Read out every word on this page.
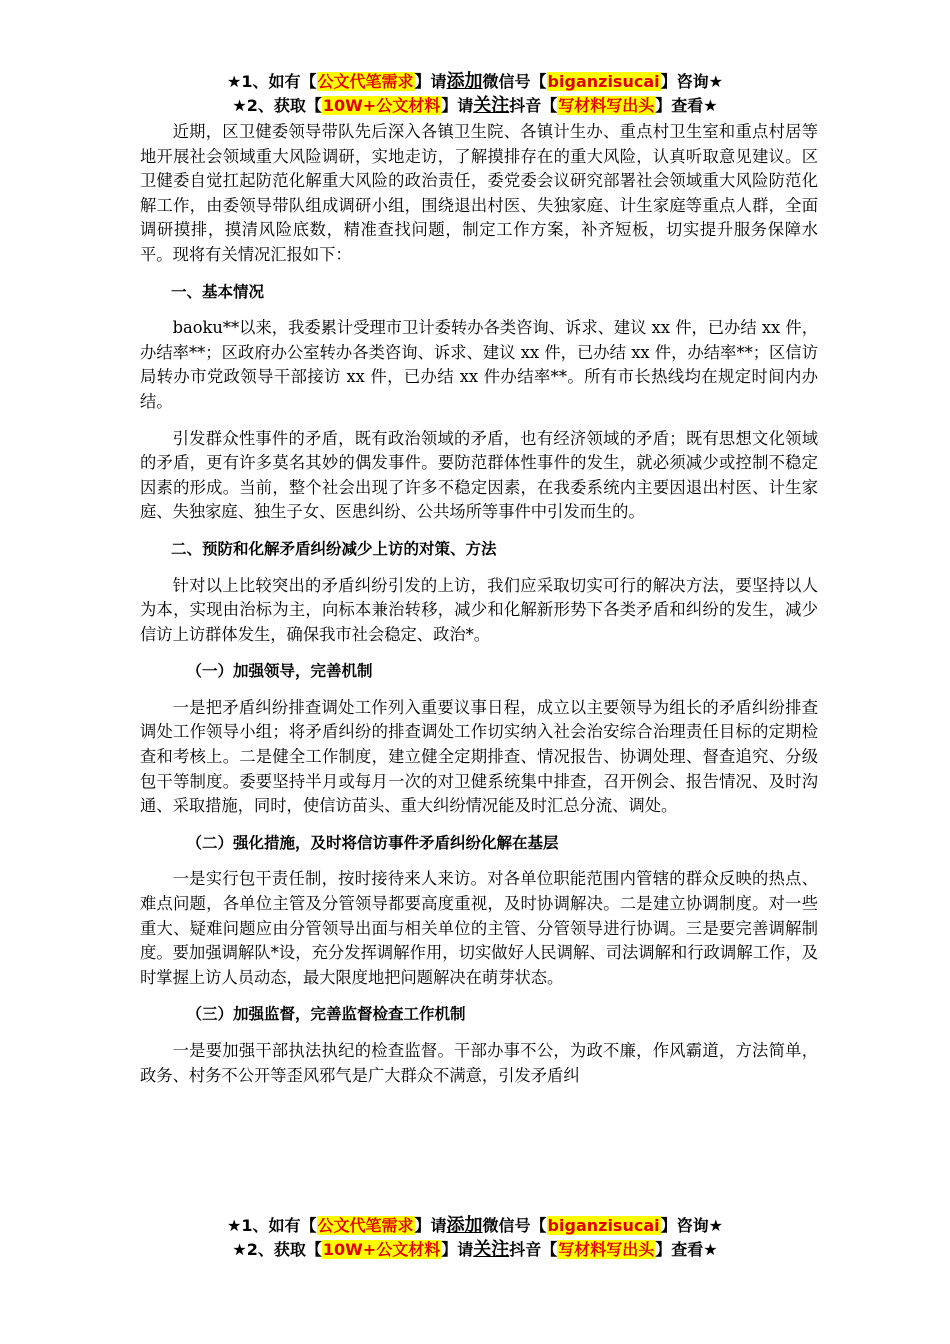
★1、如有【公文代笔需求】请添加微信号【biganzisucai】咨询★
★2、获取【10W+公文材料】请关注抖音【写材料写出头】查看★

近期，区卫健委领导带队先后深入各镇卫生院、各镇计生办、重点村卫生室和重点村居等地开展社会领域重大风险调研，实地走访，了解摸排存在的重大风险，认真听取意见建议。区卫健委自觉扛起防范化解重大风险的政治责任，委党委会议研究部署社会领域重大风险防范化解工作，由委领导带队组成调研小组，围绕退出村医、失独家庭、计生家庭等重点人群，全面调研摸排，摸清风险底数，精准查找问题，制定工作方案，补齐短板，切实提升服务保障水平。现将有关情况汇报如下：

一、基本情况

baoku**以来，我委累计受理市卫计委转办各类咨询、诉求、建议 xx 件，已办结 xx 件，办结率**；区政府办公室转办各类咨询、诉求、建议 xx 件，已办结 xx 件，办结率**；区信访局转办市党政领导干部接访 xx 件，已办结 xx 件办结率**。所有市长热线均在规定时间内办结。

引发群众性事件的矛盾，既有政治领域的矛盾，也有经济领域的矛盾；既有思想文化领域的矛盾，更有许多莫名其妙的偶发事件。要防范群体性事件的发生，就必须减少或控制不稳定因素的形成。当前，整个社会出现了许多不稳定因素，在我委系统内主要因退出村医、计生家庭、失独家庭、独生子女、医患纠纷、公共场所等事件中引发而生的。

二、预防和化解矛盾纠纷减少上访的对策、方法

针对以上比较突出的矛盾纠纷引发的上访，我们应采取切实可行的解决方法，要坚持以人为本，实现由治标为主，向标本兼治转移，减少和化解新形势下各类矛盾和纠纷的发生，减少信访上访群体发生，确保我市社会稳定、政治*。

（一）加强领导，完善机制

一是把矛盾纠纷排查调处工作列入重要议事日程，成立以主要领导为组长的矛盾纠纷排查调处工作领导小组；将矛盾纠纷的排查调处工作切实纳入社会治安综合治理责任目标的定期检查和考核上。二是健全工作制度，建立健全定期排查、情况报告、协调处理、督查追究、分级包干等制度。委要坚持半月或每月一次的对卫健系统集中排查，召开例会、报告情况、及时沟通、采取措施，同时，使信访苗头、重大纠纷情况能及时汇总分流、调处。

（二）强化措施，及时将信访事件矛盾纠纷化解在基层

一是实行包干责任制，按时接待来人来访。对各单位职能范围内管辖的群众反映的热点、难点问题，各单位主管及分管领导都要高度重视，及时协调解决。二是建立协调制度。对一些重大、疑难问题应由分管领导出面与相关单位的主管、分管领导进行协调。三是要完善调解制度。要加强调解队*设，充分发挥调解作用，切实做好人民调解、司法调解和行政调解工作，及时掌握上访人员动态，最大限度地把问题解决在萌芽状态。

（三）加强监督，完善监督检查工作机制

一是要加强干部执法执纪的检查监督。干部办事不公，为政不廉，作风霸道，方法简单，政务、村务不公开等歪风邪气是广大群众不满意，引发矛盾纠

★1、如有【公文代笔需求】请添加微信号【biganzisucai】咨询★
★2、获取【10W+公文材料】请关注抖音【写材料写出头】查看★
